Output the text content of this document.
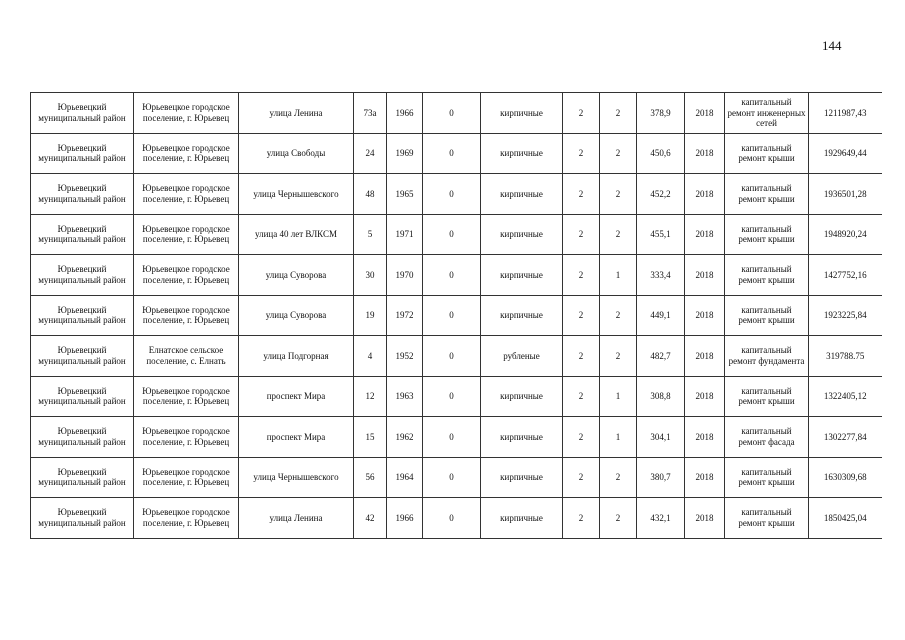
144
Юрьевецкий муниципальный район	Юрьевецкое городское поселение, г. Юрьевец	улица Ленина	73а	1966	0	кирпичные	2	2	378,9	2018	капитальный ремонт инженерных сетей	1211987,43
Юрьевецкий муниципальный район	Юрьевецкое городское поселение, г. Юрьевец	улица Свободы	24	1969	0	кирпичные	2	2	450,6	2018	капитальный ремонт крыши	1929649,44
Юрьевецкий муниципальный район	Юрьевецкое городское поселение, г. Юрьевец	улица Чернышевского	48	1965	0	кирпичные	2	2	452,2	2018	капитальный ремонт крыши	1936501,28
Юрьевецкий муниципальный район	Юрьевецкое городское поселение, г. Юрьевец	улица 40 лет ВЛКСМ	5	1971	0	кирпичные	2	2	455,1	2018	капитальный ремонт крыши	1948920,24
Юрьевецкий муниципальный район	Юрьевецкое городское поселение, г. Юрьевец	улица Суворова	30	1970	0	кирпичные	2	1	333,4	2018	капитальный ремонт крыши	1427752,16
Юрьевецкий муниципальный район	Юрьевецкое городское поселение, г. Юрьевец	улица Суворова	19	1972	0	кирпичные	2	2	449,1	2018	капитальный ремонт крыши	1923225,84
Юрьевецкий муниципальный район	Елнатское сельское поселение, с. Елнать	улица Подгорная	4	1952	0	рубленые	2	2	482,7	2018	капитальный ремонт фундамента	319788.75
Юрьевецкий муниципальный район	Юрьевецкое городское поселение, г. Юрьевец	проспект Мира	12	1963	0	кирпичные	2	1	308,8	2018	капитальный ремонт крыши	1322405,12
Юрьевецкий муниципальный район	Юрьевецкое городское поселение, г. Юрьевец	проспект Мира	15	1962	0	кирпичные	2	1	304,1	2018	капитальный ремонт фасада	1302277,84
Юрьевецкий муниципальный район	Юрьевецкое городское поселение, г. Юрьевец	улица Чернышевского	56	1964	0	кирпичные	2	2	380,7	2018	капитальный ремонт крыши	1630309,68
Юрьевецкий муниципальный район	Юрьевецкое городское поселение, г. Юрьевец	улица Ленина	42	1966	0	кирпичные	2	2	432,1	2018	капитальный ремонт крыши	1850425,04
